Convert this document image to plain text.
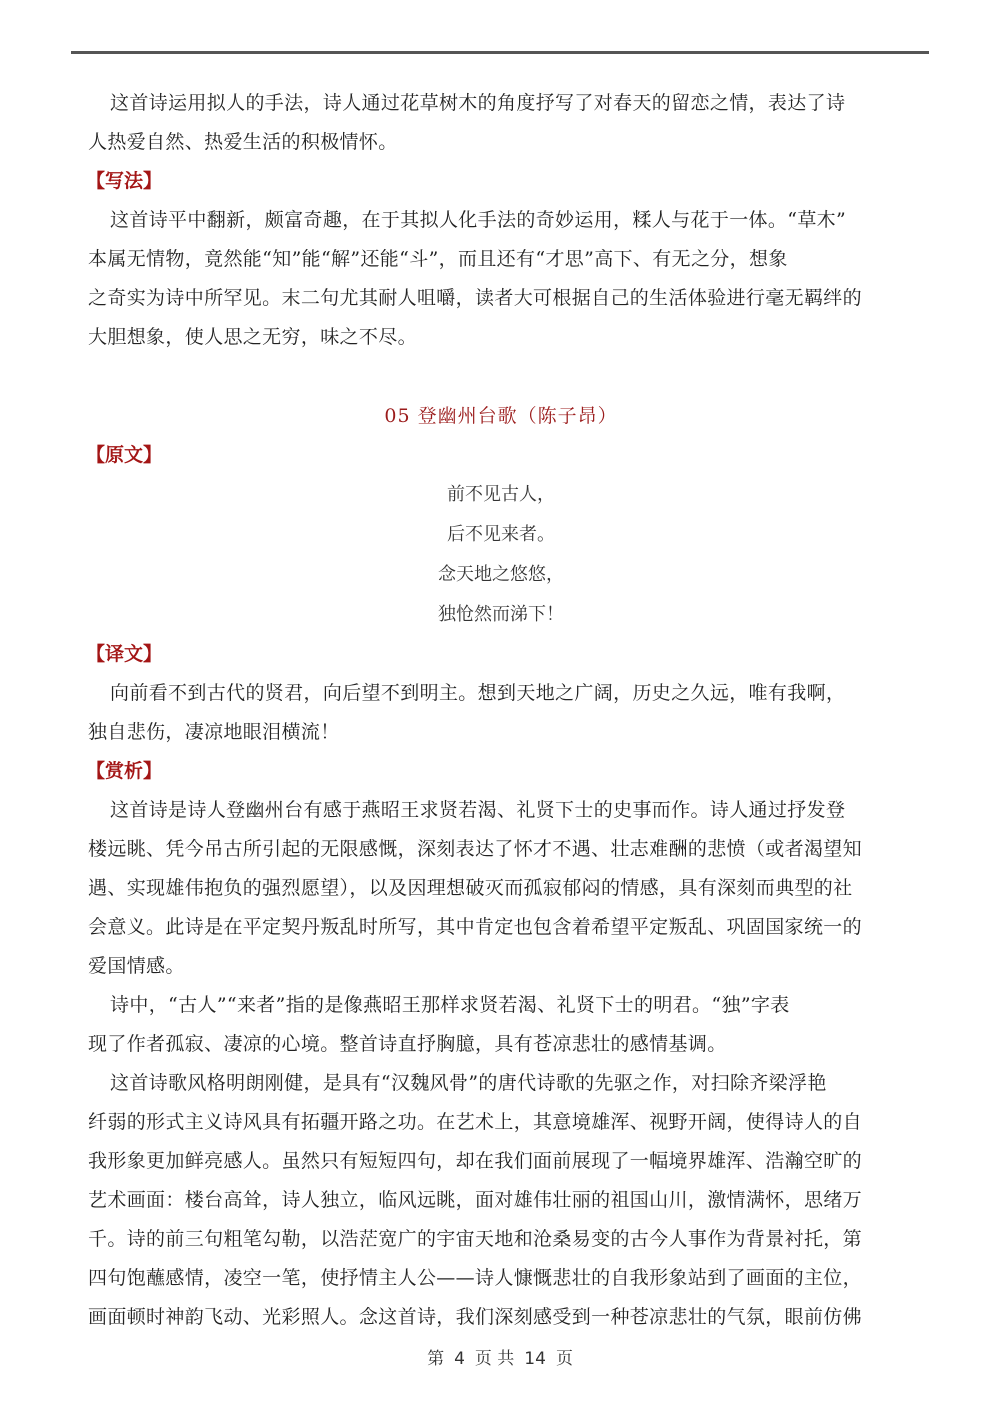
这首诗运用拟人的手法，诗人通过花草树木的角度抒写了对春天的留恋之情，表达了诗
人热爱自然、热爱生活的积极情怀。
【写法】
这首诗平中翻新，颇富奇趣，在于其拟人化手法的奇妙运用，糅人与花于一体。“草木”
本属无情物，竟然能“知”能“解”还能“斗”，而且还有“才思”高下、有无之分，想象
之奇实为诗中所罕见。末二句尤其耐人咀嚼，读者大可根据自己的生活体验进行毫无羁绊的
大胆想象，使人思之无穷，味之不尽。
05 登幽州台歌（陈子昂）
【原文】
前不见古人，
后不见来者。
念天地之悠悠，
独怆然而涕下！
【译文】
向前看不到古代的贤君，向后望不到明主。想到天地之广阔，历史之久远，唯有我啊，
独自悲伤，凄凉地眼泪横流！
【赏析】
这首诗是诗人登幽州台有感于燕昭王求贤若渴、礼贤下士的史事而作。诗人通过抒发登
楼远眺、凭今吊古所引起的无限感慨，深刻表达了怀才不遇、壮志难酬的悲愤（或者渴望知
遇、实现雄伟抱负的强烈愿望），以及因理想破灭而孤寂郁闷的情感，具有深刻而典型的社
会意义。此诗是在平定契丹叛乱时所写，其中肯定也包含着希望平定叛乱、巩固国家统一的
爱国情感。
诗中，“古人”“来者”指的是像燕昭王那样求贤若渴、礼贤下士的明君。“独”字表
现了作者孤寂、凄凉的心境。整首诗直抒胸臆，具有苍凉悲壮的感情基调。
这首诗歌风格明朗刚健，是具有“汉魏风骨”的唐代诗歌的先驱之作，对扫除齐梁浮艳
纤弱的形式主义诗风具有拓疆开路之功。在艺术上，其意境雄浑、视野开阔，使得诗人的自
我形象更加鲜亮感人。虽然只有短短四句，却在我们面前展现了一幅境界雄浑、浩瀚空旷的
艺术画面：楼台高耸，诗人独立，临风远眺，面对雄伟壮丽的祖国山川，激情满怀，思绪万
千。诗的前三句粗笔勾勒，以浩茫宽广的宇宙天地和沧桑易变的古今人事作为背景衬托，第
四句饱蘸感情，凌空一笔，使抒情主人公——诗人慷慨悲壮的自我形象站到了画面的主位，
画面顿时神韵飞动、光彩照人。念这首诗，我们深刻感受到一种苍凉悲壮的气氛，眼前仿佛
第 4 页 共 14 页
